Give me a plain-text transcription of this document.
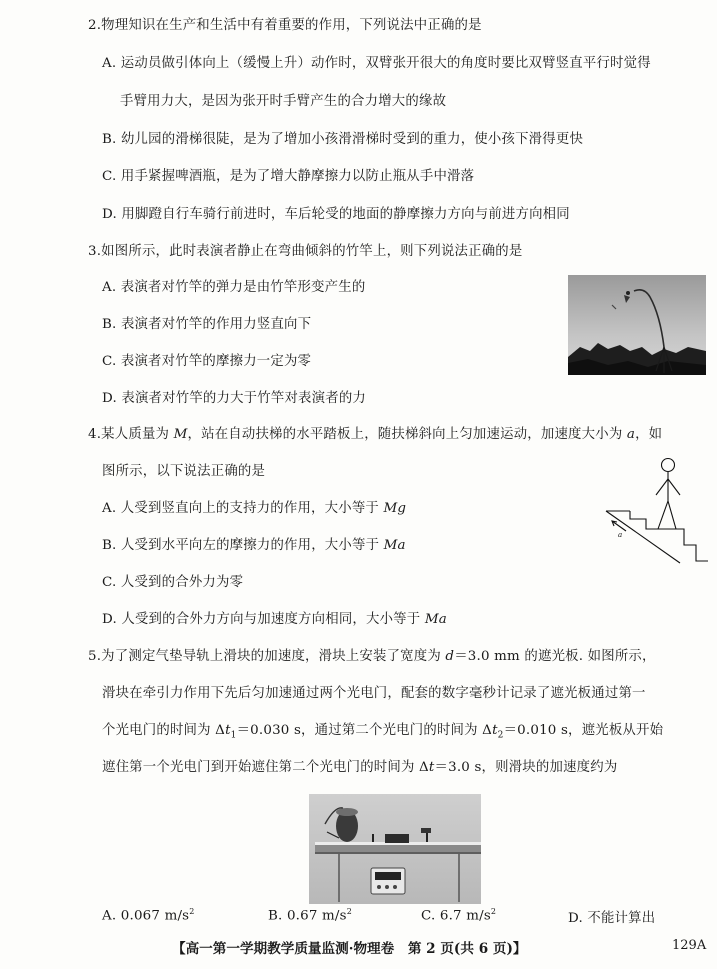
2.物理知识在生产和生活中有着重要的作用，下列说法中正确的是
A. 运动员做引体向上（缓慢上升）动作时，双臂张开很大的角度时要比双臂竖直平行时觉得
手臂用力大，是因为张开时手臂产生的合力增大的缘故
B. 幼儿园的滑梯很陡，是为了增加小孩滑滑梯时受到的重力，使小孩下滑得更快
C. 用手紧握啤酒瓶，是为了增大静摩擦力以防止瓶从手中滑落
D. 用脚蹬自行车骑行前进时，车后轮受的地面的静摩擦力方向与前进方向相同
3.如图所示，此时表演者静止在弯曲倾斜的竹竿上，则下列说法正确的是
A. 表演者对竹竿的弹力是由竹竿形变产生的
B. 表演者对竹竿的作用力竖直向下
C. 表演者对竹竿的摩擦力一定为零
D. 表演者对竹竿的力大于竹竿对表演者的力
4.某人质量为 M，站在自动扶梯的水平踏板上，随扶梯斜向上匀加速运动，加速度大小为 a，如
图所示，以下说法正确的是
A. 人受到竖直向上的支持力的作用，大小等于 Mg
B. 人受到水平向左的摩擦力的作用，大小等于 Ma
C. 人受到的合外力为零
D. 人受到的合外力方向与加速度方向相同，大小等于 Ma
a
5.为了测定气垫导轨上滑块的加速度，滑块上安装了宽度为 d＝3.0 mm 的遮光板. 如图所示，
滑块在牵引力作用下先后匀加速通过两个光电门，配套的数字毫秒计记录了遮光板通过第一
个光电门的时间为 $\Delta t_1=0.030$ s，通过第二个光电门的时间为 $\Delta t_2=0.010$ s，遮光板从开始
遮住第一个光电门到开始遮住第二个光电门的时间为 Δt＝3.0 s，则滑块的加速度约为
A. 0.067 $m/s^2$	B. 0.67 $m/s^2$	C. 6.7 $m/s^2$	D. 不能计算出
【高一第一学期教学质量监测·物理卷　第 2 页(共 6 页)】	129A
